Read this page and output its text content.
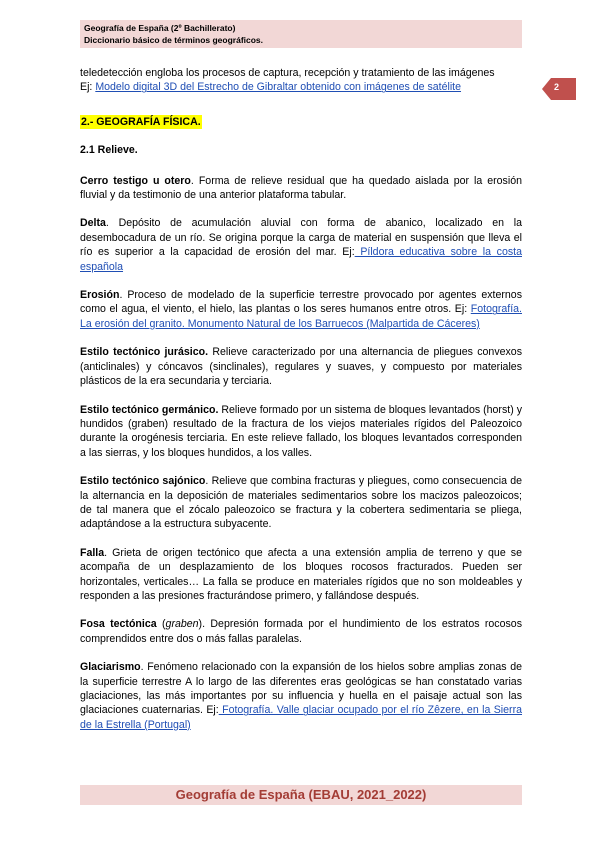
Geografía de España (2º Bachillerato)
Diccionario básico de términos geográficos.
2

teledetección engloba los procesos de captura, recepción y tratamiento de las imágenes
Ej: Modelo digital 3D del Estrecho de Gibraltar obtenido con imágenes de satélite

2.- GEOGRAFÍA FÍSICA.

2.1 Relieve.

Cerro testigo u otero. Forma de relieve residual que ha quedado aislada por la erosión fluvial y da testimonio de una anterior plataforma tabular.

Delta. Depósito de acumulación aluvial con forma de abanico, localizado en la desembocadura de un río. Se origina porque la carga de material en suspensión que lleva el río es superior a la capacidad de erosión del mar. Ej: Píldora educativa sobre la costa española

Erosión. Proceso de modelado de la superficie terrestre provocado por agentes externos como el agua, el viento, el hielo, las plantas o los seres humanos entre otros. Ej: Fotografía. La erosión del granito. Monumento Natural de los Barruecos (Malpartida de Cáceres)

Estilo tectónico jurásico. Relieve caracterizado por una alternancia de pliegues convexos (anticlinales) y cóncavos (sinclinales), regulares y suaves, y compuesto por materiales plásticos de la era secundaria y terciaria.

Estilo tectónico germánico. Relieve formado por un sistema de bloques levantados (horst) y hundidos (graben) resultado de la fractura de los viejos materiales rígidos del Paleozoico durante la orogénesis terciaria. En este relieve fallado, los bloques levantados corresponden a las sierras, y los bloques hundidos, a los valles.

Estilo tectónico sajónico. Relieve que combina fracturas y pliegues, como consecuencia de la alternancia en la deposición de materiales sedimentarios sobre los macizos paleozoicos; de tal manera que el zócalo paleozoico se fractura y la cobertera sedimentaria se pliega, adaptándose a la estructura subyacente.

Falla. Grieta de origen tectónico que afecta a una extensión amplia de terreno y que se acompaña de un desplazamiento de los bloques rocosos fracturados. Pueden ser horizontales, verticales… La falla se produce en materiales rígidos que no son moldeables y responden a las presiones fracturándose primero, y fallándose después.

Fosa tectónica (graben). Depresión formada por el hundimiento de los estratos rocosos comprendidos entre dos o más fallas paralelas.

Glaciarismo. Fenómeno relacionado con la expansión de los hielos sobre amplias zonas de la superficie terrestre A lo largo de las diferentes eras geológicas se han constatado varias glaciaciones, las más importantes por su influencia y huella en el paisaje actual son las glaciaciones cuaternarias. Ej: Fotografía. Valle glaciar ocupado por el río Zêzere, en la Sierra de la Estrella (Portugal)

Geografía de España (EBAU, 2021_2022)
